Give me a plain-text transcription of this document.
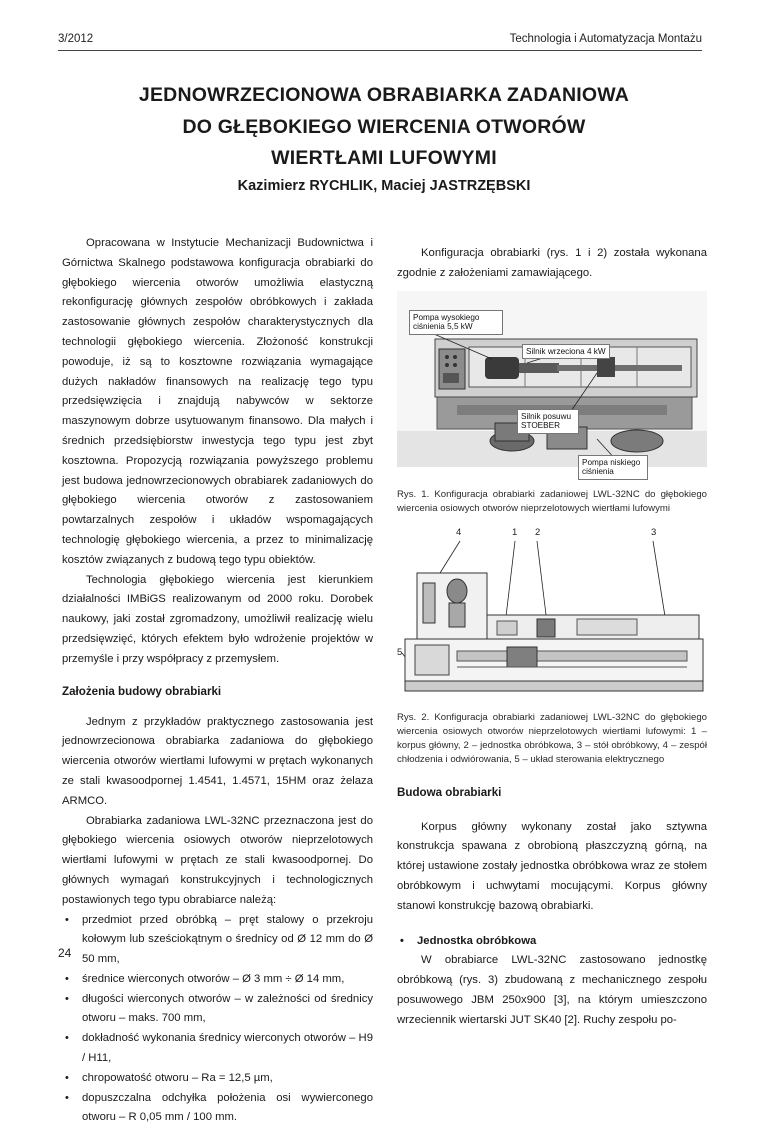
3/2012	Technologia i Automatyzacja Montażu
JEDNOWRZECIONOWA OBRABIARKA ZADANIOWA
DO GŁĘBOKIEGO WIERCENIA OTWORÓW
WIERTŁAMI LUFOWYMI
Kazimierz RYCHLIK, Maciej JASTRZĘBSKI

Opracowana w Instytucie Mechanizacji Budownictwa i Górnictwa Skalnego podstawowa konfiguracja obrabiarki do głębokiego wiercenia otworów umożliwia elastyczną rekonfigurację głównych zespołów obróbkowych i zakłada zastosowanie głównych zespołów charakterystycznych dla technologii głębokiego wiercenia. Złożoność konstrukcji powoduje, iż są to kosztowne rozwiązania wymagające dużych nakładów finansowych na realizację tego typu przedsięwzięcia i znajdują nabywców w sektorze maszynowym dobrze usytuowanym finansowo. Dla małych i średnich przedsiębiorstw inwestycja tego typu jest zbyt kosztowna. Propozycją rozwiązania powyższego problemu jest budowa jednowrzecionowych obrabiarek zadaniowych do głębokiego wiercenia otworów z zastosowaniem powtarzalnych zespołów i układów wspomagających technologię głębokiego wiercenia, a przez to minimalizację kosztów związanych z budową tego typu obiektów.

Technologia głębokiego wiercenia jest kierunkiem działalności IMBiGS realizowanym od 2000 roku. Dorobek naukowy, jaki został zgromadzony, umożliwił realizację wielu przedsięwzięć, których efektem było wdrożenie projektów w przemyśle i przy współpracy z przemysłem.

Założenia budowy obrabiarki

Jednym z przykładów praktycznego zastosowania jest jednowrzecionowa obrabiarka zadaniowa do głębokiego wiercenia otworów wiertłami lufowymi w prętach wykonanych ze stali kwasoodpornej 1.4541, 1.4571, 15HM oraz żelaza ARMCO.

Obrabiarka zadaniowa LWL-32NC przeznaczona jest do głębokiego wiercenia osiowych otworów nieprzelotowych wiertłami lufowymi w prętach ze stali kwasoodpornej. Do głównych wymagań konstrukcyjnych i technologicznych postawionych tego typu obrabiarce należą:

• przedmiot przed obróbką – pręt stalowy o przekroju kołowym lub sześciokątnym o średnicy od Ø 12 mm do Ø 50 mm,
• średnice wierconych otworów – Ø 3 mm ÷ Ø 14 mm,
• długości wierconych otworów – w zależności od średnicy otworu – maks. 700 mm,
• dokładność wykonania średnicy wierconych otworów – H9 / H11,
• chropowatość otworu – Ra = 12,5 µm,
• dopuszczalna odchyłka położenia osi wywierconego otworu – R 0,05 mm / 100 mm.

Konfiguracja obrabiarki (rys. 1 i 2) została wykonana zgodnie z założeniami zamawiającego.

Pompa wysokiego ciśnienia 5,5 kW
Silnik wrzeciona 4 kW
Silnik posuwu STOEBER
Pompa niskiego ciśnienia

Rys. 1. Konfiguracja obrabiarki zadaniowej LWL-32NC do głębokiego wiercenia osiowych otworów nieprzelotowych wiertłami lufowymi

4	1 2	3
5

Rys. 2. Konfiguracja obrabiarki zadaniowej LWL-32NC do głębokiego wiercenia osiowych otworów nieprzelotowych wiertłami lufowymi: 1 – korpus główny, 2 – jednostka obróbkowa, 3 – stół obróbkowy, 4 – zespół chłodzenia i odwiórowania, 5 – układ sterowania elektrycznego

Budowa obrabiarki

Korpus główny wykonany został jako sztywna konstrukcja spawana z obrobioną płaszczyzną górną, na której ustawione zostały jednostka obróbkowa wraz ze stołem obróbkowym i uchwytami mocującymi. Korpus główny stanowi konstrukcję bazową obrabiarki.

• Jednostka obróbkowa

W obrabiarce LWL-32NC zastosowano jednostkę obróbkową (rys. 3) zbudowaną z mechanicznego zespołu posuwowego JBM 250x900 [3], na którym umieszczono wrzeciennik wiertarski JUT SK40 [2]. Ruchy zespołu po-

24
